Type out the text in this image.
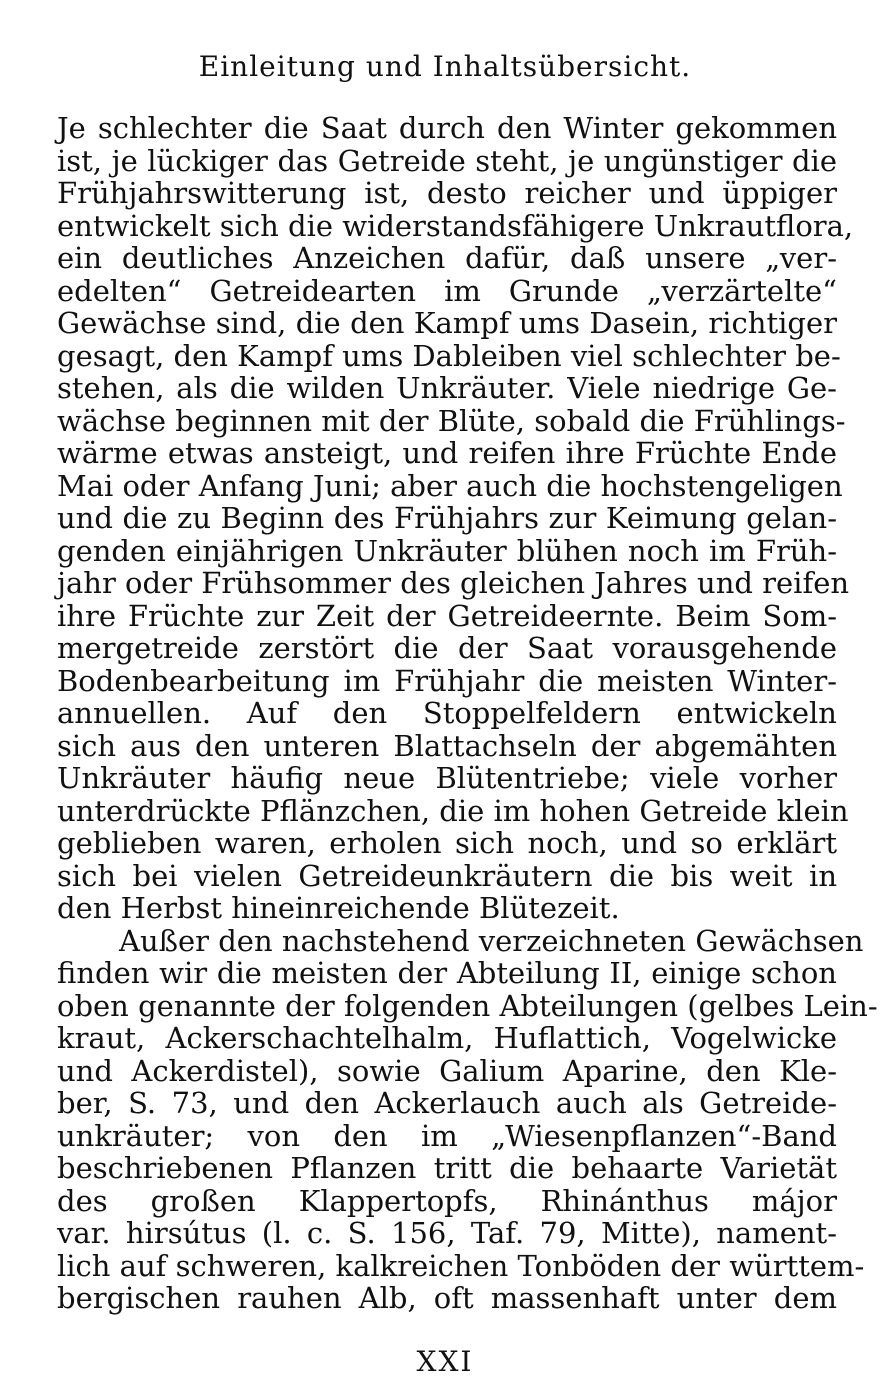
Einleitung und Inhaltsübersicht.
Je schlechter die Saat durch den Winter gekommen
ist, je lückiger das Getreide steht, je ungünstiger die
Frühjahrswitterung ist, desto reicher und üppiger
entwickelt sich die widerstandsfähigere Unkrautflora,
ein deutliches Anzeichen dafür, daß unsere „ver-
edelten“ Getreidearten im Grunde „verzärtelte“
Gewächse sind, die den Kampf ums Dasein, richtiger
gesagt, den Kampf ums Dableiben viel schlechter be-
stehen, als die wilden Unkräuter. Viele niedrige Ge-
wächse beginnen mit der Blüte, sobald die Frühlings-
wärme etwas ansteigt, und reifen ihre Früchte Ende
Mai oder Anfang Juni; aber auch die hochstengeligen
und die zu Beginn des Frühjahrs zur Keimung gelan-
genden einjährigen Unkräuter blühen noch im Früh-
jahr oder Frühsommer des gleichen Jahres und reifen
ihre Früchte zur Zeit der Getreideernte. Beim Som-
mergetreide zerstört die der Saat vorausgehende
Bodenbearbeitung im Frühjahr die meisten Winter-
annuellen. Auf den Stoppelfeldern entwickeln
sich aus den unteren Blattachseln der abgemähten
Unkräuter häufig neue Blütentriebe; viele vorher
unterdrückte Pflänzchen, die im hohen Getreide klein
geblieben waren, erholen sich noch, und so erklärt
sich bei vielen Getreideunkräutern die bis weit in
den Herbst hineinreichende Blütezeit.
Außer den nachstehend verzeichneten Gewächsen
finden wir die meisten der Abteilung II, einige schon
oben genannte der folgenden Abteilungen (gelbes Lein-
kraut, Ackerschachtelhalm, Huflattich, Vogelwicke
und Ackerdistel), sowie Galium Aparine, den Kle-
ber, S. 73, und den Ackerlauch auch als Getreide-
unkräuter; von den im „Wiesenpflanzen“-Band
beschriebenen Pflanzen tritt die behaarte Varietät
des großen Klappertopfs, Rhinánthus májor
var. hirsútus (l. c. S. 156, Taf. 79, Mitte), nament-
lich auf schweren, kalkreichen Tonböden der württem-
bergischen rauhen Alb, oft massenhaft unter dem
XXI
